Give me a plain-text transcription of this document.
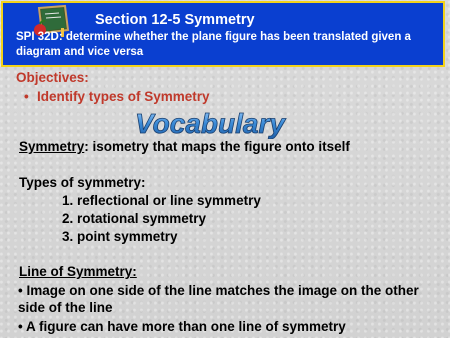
Section 12-5 Symmetry
SPI 32D: determine whether the plane figure has been translated given a diagram and vice versa
Objectives:
• Identify types of Symmetry
Vocabulary
Symmetry: isometry that maps the figure onto itself
Types of symmetry:
1. reflectional or line symmetry
2. rotational symmetry
3. point symmetry
Line of Symmetry:
• Image on one side of the line matches the image on the other side of the line
• A figure can have more than one line of symmetry
